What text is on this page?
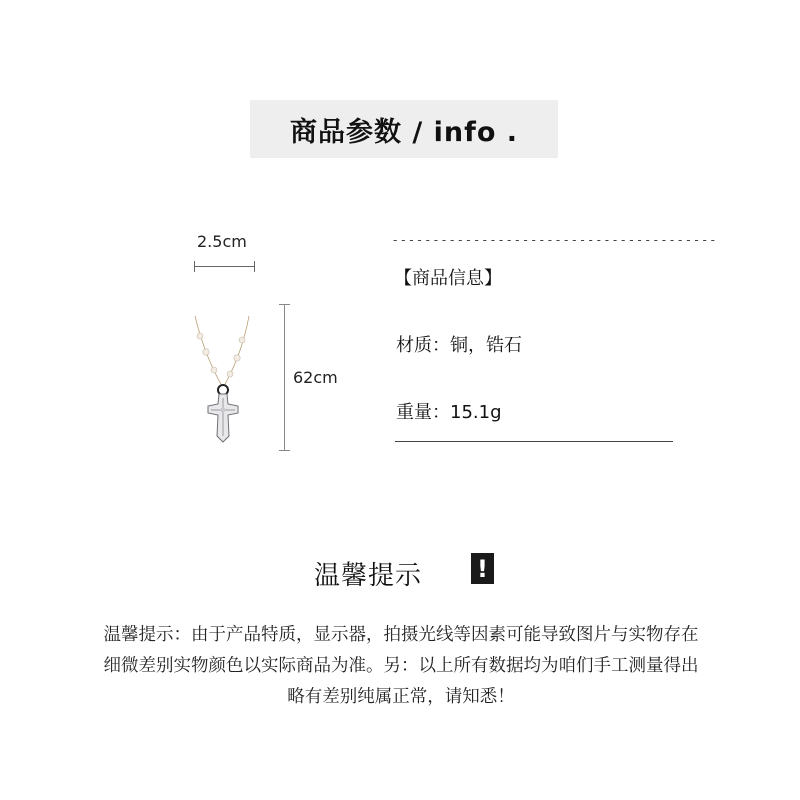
商品参数 / info .
2.5cm
62cm
- - - - - - - - - - - - - - - - - - - - - - - - - - - - - - - - - - - - - - - -
【商品信息】
材质：铜，锆石
重量：15.1g
温馨提示 !
温馨提示：由于产品特质，显示器，拍摄光线等因素可能导致图片与实物存在
细微差别实物颜色以实际商品为准。另：以上所有数据均为咱们手工测量得出
略有差别纯属正常，请知悉！
